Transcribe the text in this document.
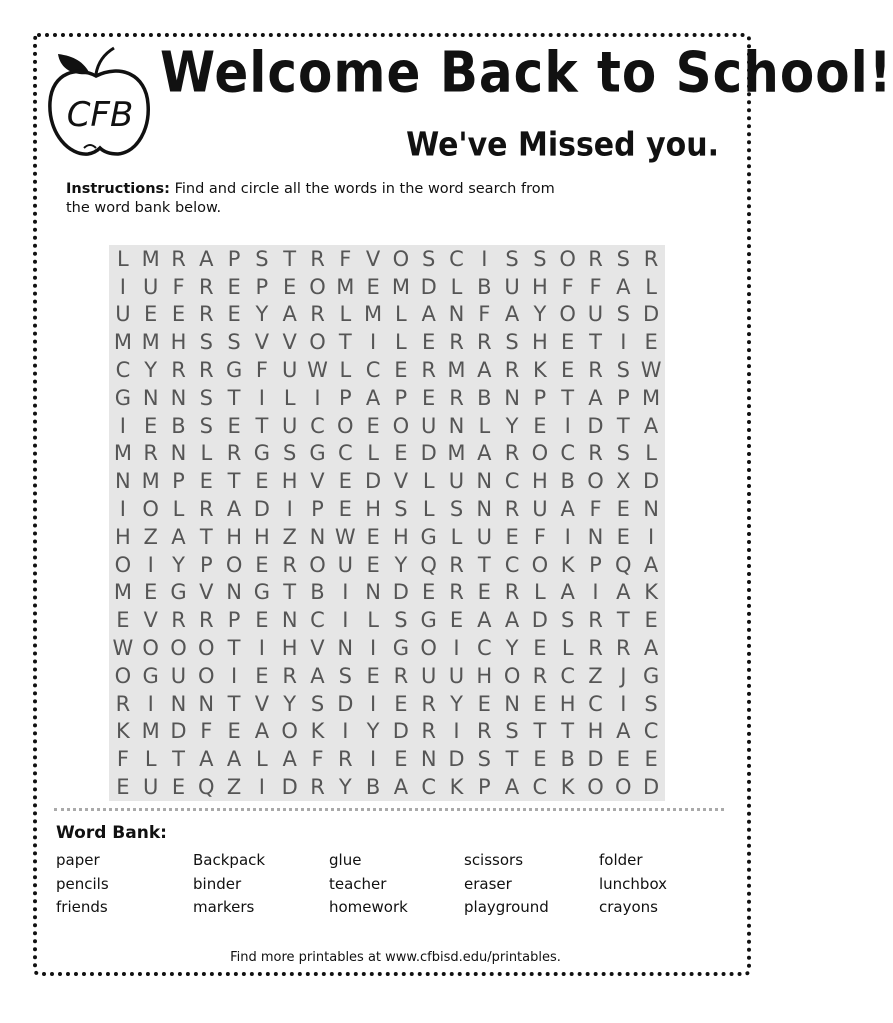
CFB
Welcome Back to School!
We've Missed you.
Instructions: Find and circle all the words in the word search from the word bank below.
L M R A P S T R F V O S C I S S O R S R
I U F R E P E O M E M D L B U H F F A L
U E E R E Y A R L M L A N F A Y O U S D
M M H S S V V O T I L E R R S H E T I E
C Y R R G F U W L C E R M A R K E R S W
G N N S T I L I P A P E R B N P T A P M
I E B S E T U C O E O U N L Y E I D T A
M R N L R G S G C L E D M A R O C R S L
N M P E T E H V E D V L U N C H B O X D
I O L R A D I P E H S L S N R U A F E N
H Z A T H H Z N W E H G L U E F I N E I
O I Y P O E R O U E Y Q R T C O K P Q A
M E G V N G T B I N D E R E R L A I A K
E V R R P E N C I L S G E A A D S R T E
W O O O T I H V N I G O I C Y E L R R A
O G U O I E R A S E R U U H O R C Z J G
R I N N T V Y S D I E R Y E N E H C I S
K M D F E A O K I Y D R I R S T T H A C
F L T A A L A F R I E N D S T E B D E E
E U E Q Z I D R Y B A C K P A C K O O D
Word Bank:
paper	Backpack	glue	scissors	folder
pencils	binder	teacher	eraser	lunchbox
friends	markers	homework	playground	crayons
Find more printables at www.cfbisd.edu/printables.
